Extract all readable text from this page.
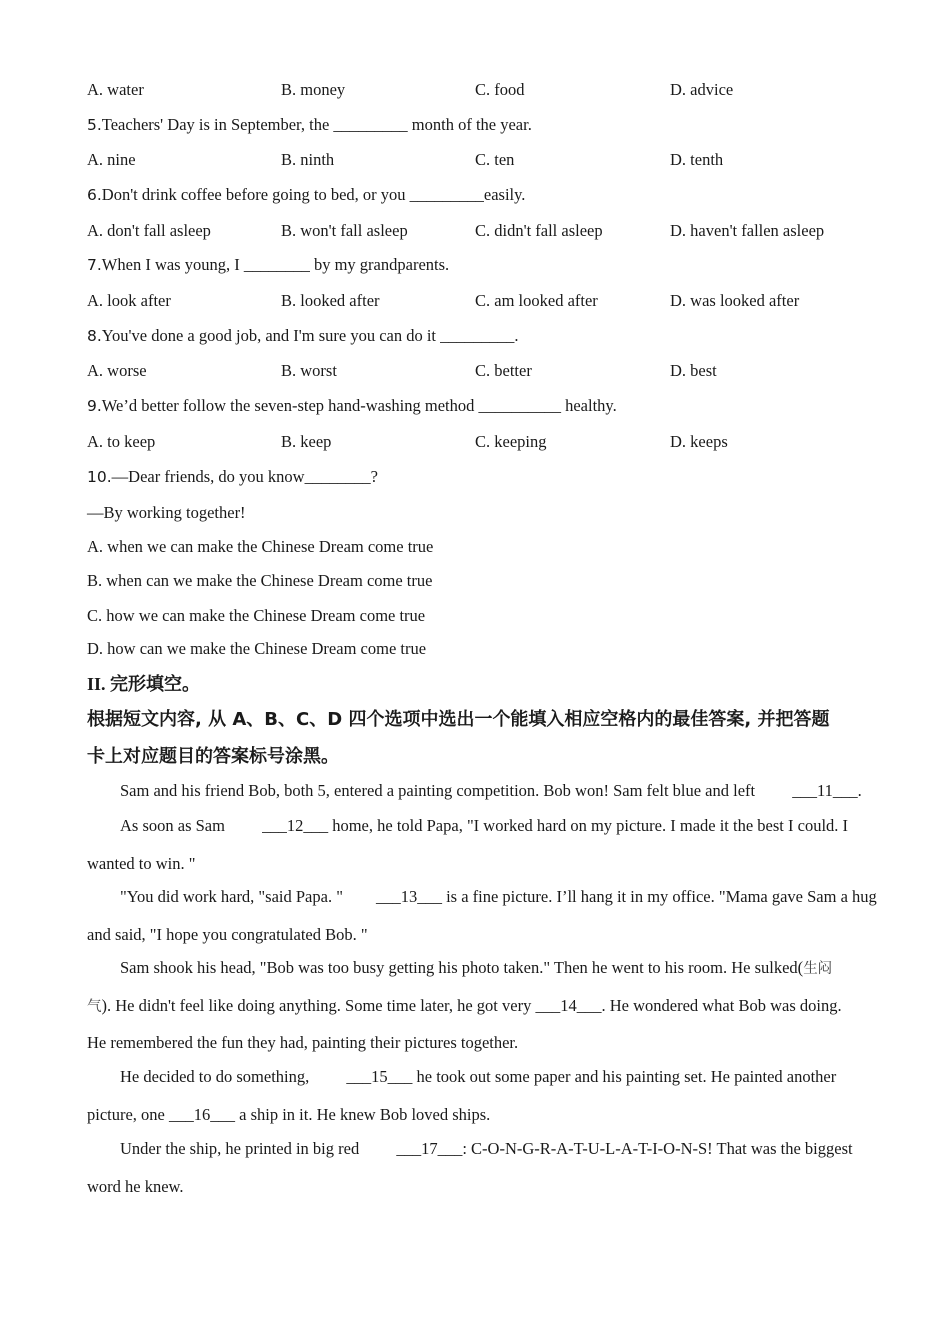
A. water	B. money	C. food	D. advice
5.Teachers' Day is in September, the _________ month of the year.
A. nine	B. ninth	C. ten	D. tenth
6.Don't drink coffee before going to bed, or you _________easily.
A. don't fall asleep	B. won't fall asleep	C. didn't fall asleep	D. haven't fallen asleep
7.When I was young, I ________ by my grandparents.
A. look after	B. looked after	C. am looked after	D. was looked after
8.You've done a good job, and I'm sure you can do it _________.
A. worse	B. worst	C. better	D. best
9.We’d better follow the seven-step hand-washing method __________ healthy.
A. to keep	B. keep	C. keeping	D. keeps
10.—Dear friends, do you know________?
—By working together!
A. when we can make the Chinese Dream come true
B. when can we make the Chinese Dream come true
C. how we can make the Chinese Dream come true
D. how can we make the Chinese Dream come true
II. 完形填空。
根据短文内容, 从 A、B、C、D 四个选项中选出一个能填入相应空格内的最佳答案, 并把答题
卡上对应题目的答案标号涂黑。
Sam and his friend Bob, both 5, entered a painting competition. Bob won! Sam felt blue and left ___11___.
As soon as Sam ___12___ home, he told Papa, "I worked hard on my picture. I made it the best I could. I
wanted to win. "
"You did work hard, "said Papa. " ___13___ is a fine picture. I’ll hang it in my office. "Mama gave Sam a hug
and said, "I hope you congratulated Bob. "
Sam shook his head, "Bob was too busy getting his photo taken." Then he went to his room. He sulked(生闷
气). He didn't feel like doing anything. Some time later, he got very ___14___. He wondered what Bob was doing.
He remembered the fun they had, painting their pictures together.
He decided to do something, ___15___ he took out some paper and his painting set. He painted another
picture, one ___16___ a ship in it. He knew Bob loved ships.
Under the ship, he printed in big red ___17___: C-O-N-G-R-A-T-U-L-A-T-I-O-N-S! That was the biggest
word he knew.
